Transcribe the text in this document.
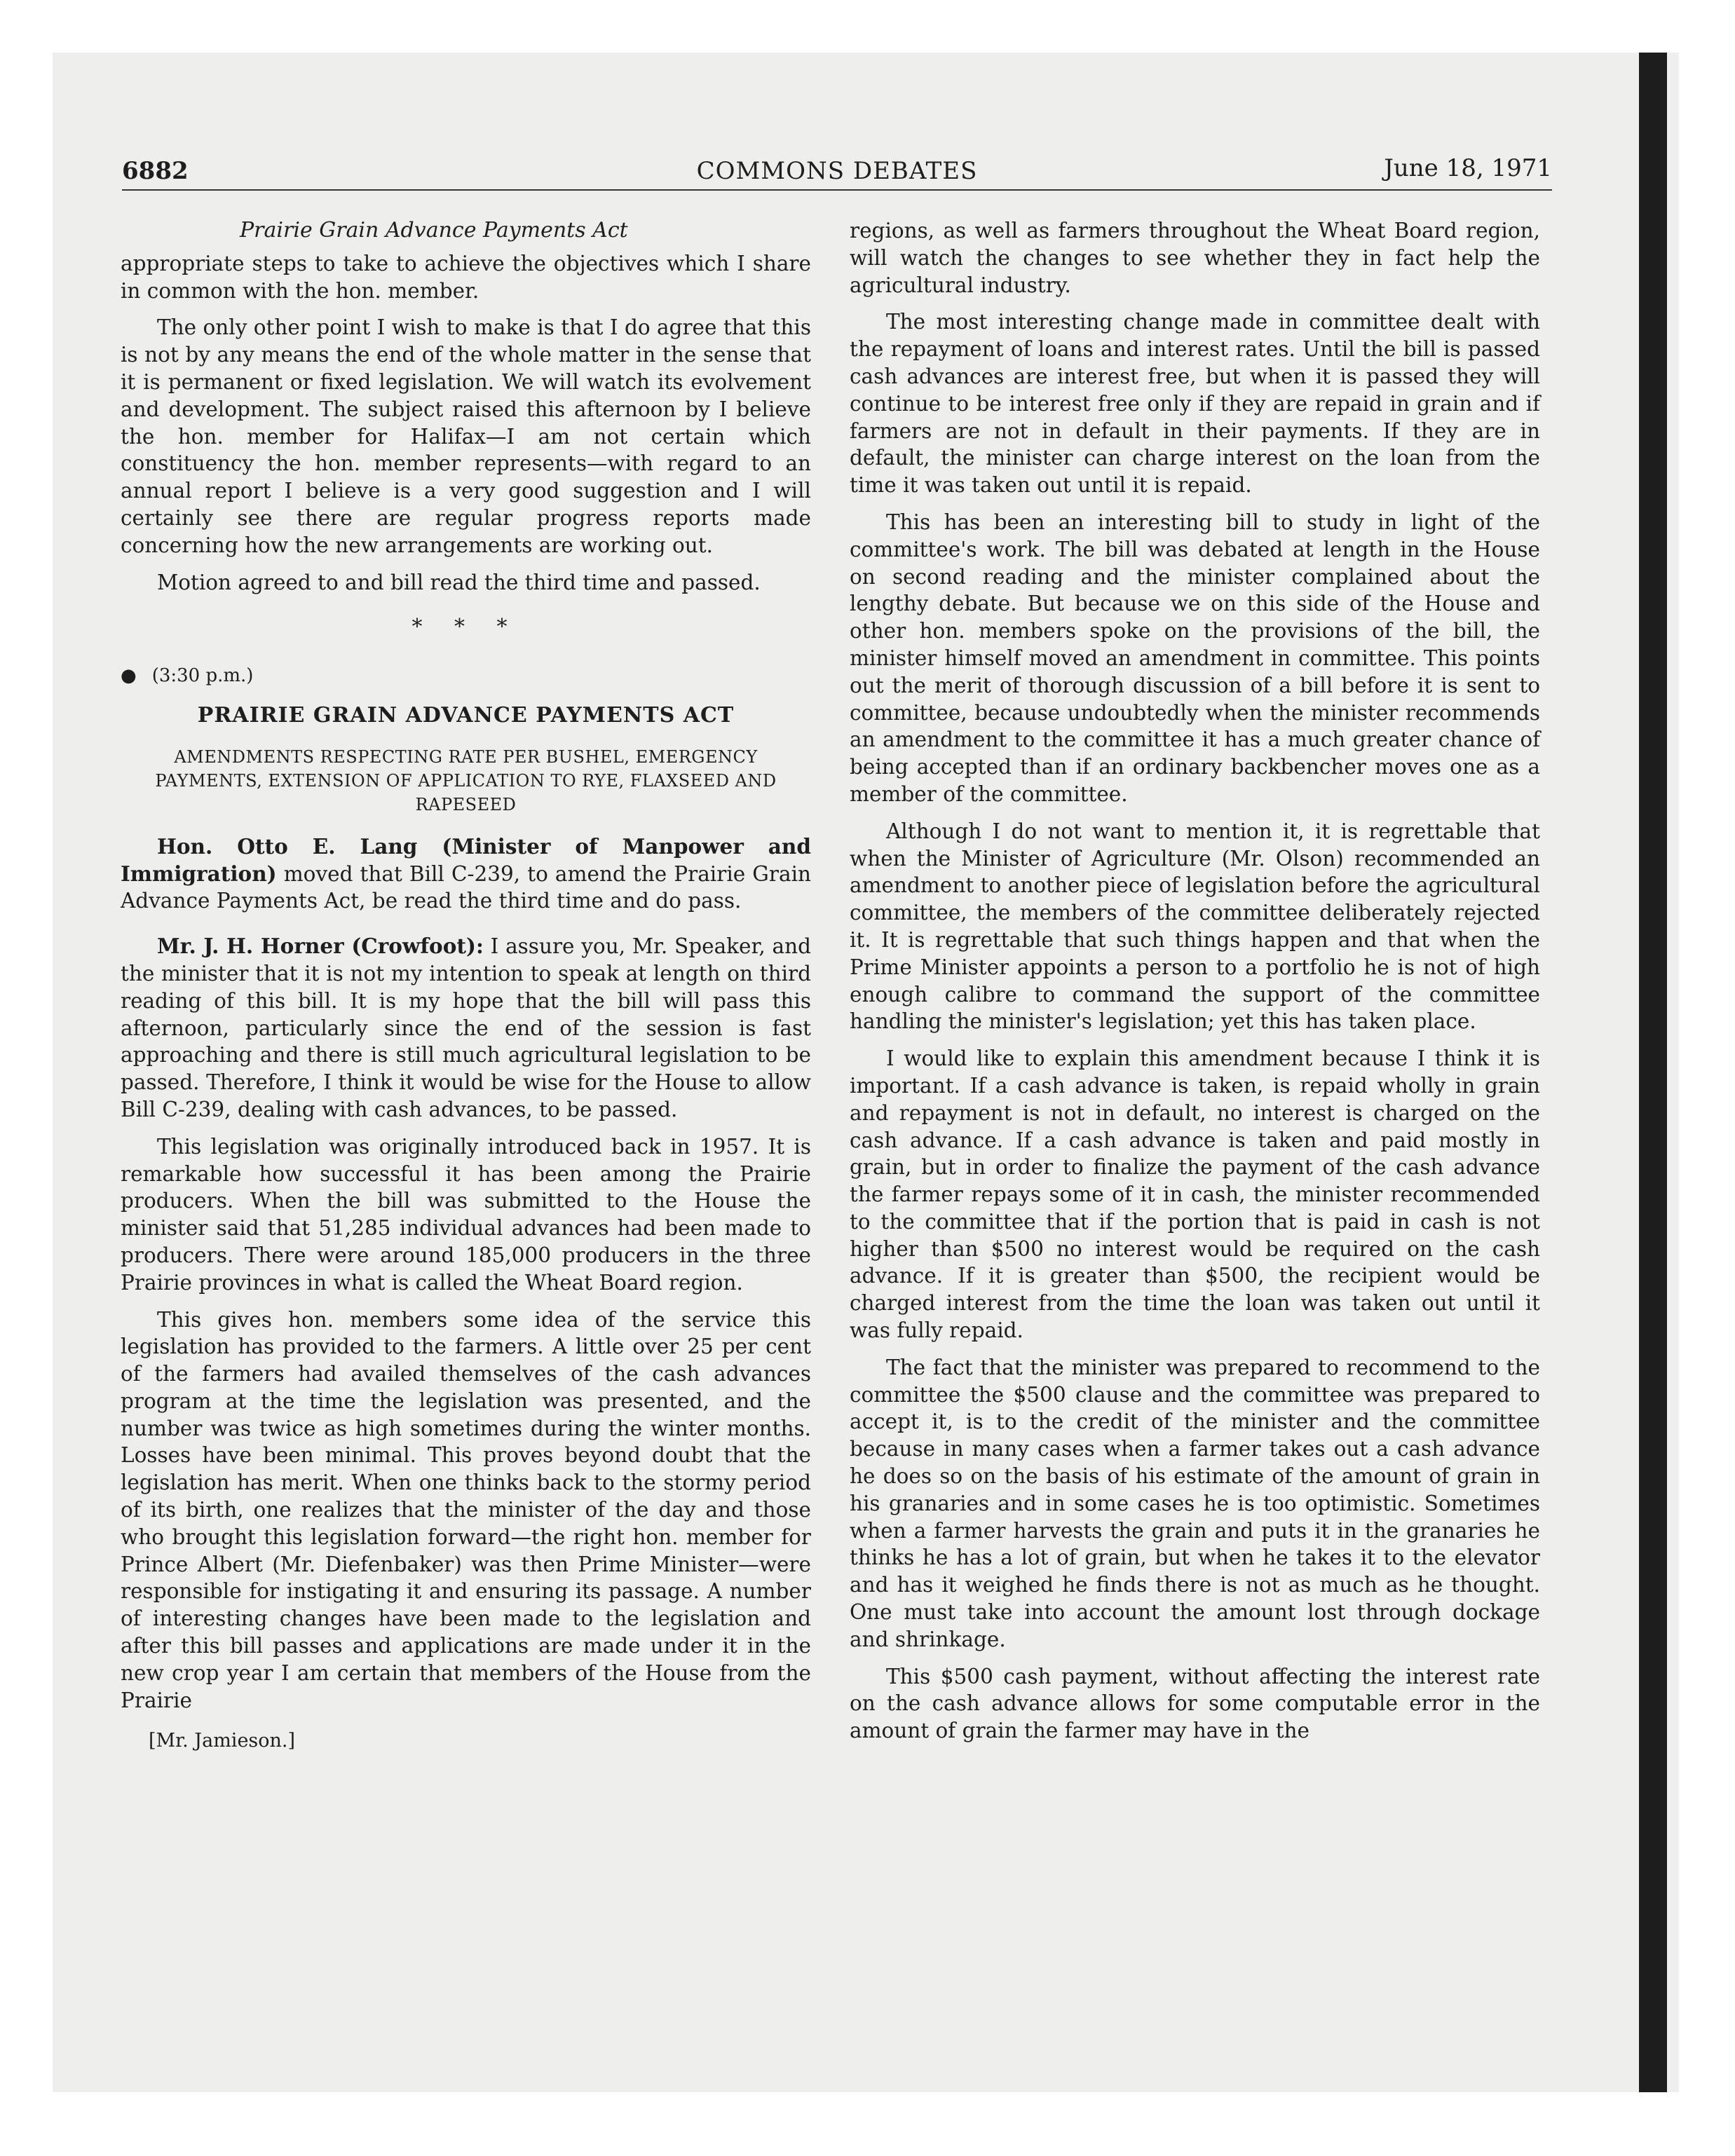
6882	COMMONS DEBATES	June 18, 1971
Prairie Grain Advance Payments Act

appropriate steps to take to achieve the objectives which I share in common with the hon. member.

The only other point I wish to make is that I do agree that this is not by any means the end of the whole matter in the sense that it is permanent or fixed legislation. We will watch its evolvement and development. The subject raised this afternoon by I believe the hon. member for Halifax—I am not certain which constituency the hon. member represents—with regard to an annual report I believe is a very good suggestion and I will certainly see there are regular progress reports made concerning how the new arrangements are working out.

Motion agreed to and bill read the third time and passed.

* * *
● (3:30 p.m.)
PRAIRIE GRAIN ADVANCE PAYMENTS ACT
AMENDMENTS RESPECTING RATE PER BUSHEL, EMERGENCY PAYMENTS, EXTENSION OF APPLICATION TO RYE, FLAXSEED AND RAPESEED

Hon. Otto E. Lang (Minister of Manpower and Immigration) moved that Bill C-239, to amend the Prairie Grain Advance Payments Act, be read the third time and do pass.

Mr. J. H. Horner (Crowfoot): I assure you, Mr. Speaker, and the minister that it is not my intention to speak at length on third reading of this bill. It is my hope that the bill will pass this afternoon, particularly since the end of the session is fast approaching and there is still much agricultural legislation to be passed. Therefore, I think it would be wise for the House to allow Bill C-239, dealing with cash advances, to be passed.

This legislation was originally introduced back in 1957. It is remarkable how successful it has been among the Prairie producers. When the bill was submitted to the House the minister said that 51,285 individual advances had been made to producers. There were around 185,000 producers in the three Prairie provinces in what is called the Wheat Board region.

This gives hon. members some idea of the service this legislation has provided to the farmers. A little over 25 per cent of the farmers had availed themselves of the cash advances program at the time the legislation was presented, and the number was twice as high sometimes during the winter months. Losses have been minimal. This proves beyond doubt that the legislation has merit. When one thinks back to the stormy period of its birth, one realizes that the minister of the day and those who brought this legislation forward—the right hon. member for Prince Albert (Mr. Diefenbaker) was then Prime Minister—were responsible for instigating it and ensuring its passage. A number of interesting changes have been made to the legislation and after this bill passes and applications are made under it in the new crop year I am certain that members of the House from the Prairie

[Mr. Jamieson.]

regions, as well as farmers throughout the Wheat Board region, will watch the changes to see whether they in fact help the agricultural industry.

The most interesting change made in committee dealt with the repayment of loans and interest rates. Until the bill is passed cash advances are interest free, but when it is passed they will continue to be interest free only if they are repaid in grain and if farmers are not in default in their payments. If they are in default, the minister can charge interest on the loan from the time it was taken out until it is repaid.

This has been an interesting bill to study in light of the committee's work. The bill was debated at length in the House on second reading and the minister complained about the lengthy debate. But because we on this side of the House and other hon. members spoke on the provisions of the bill, the minister himself moved an amendment in committee. This points out the merit of thorough discussion of a bill before it is sent to committee, because undoubtedly when the minister recommends an amendment to the committee it has a much greater chance of being accepted than if an ordinary backbencher moves one as a member of the committee.

Although I do not want to mention it, it is regrettable that when the Minister of Agriculture (Mr. Olson) recommended an amendment to another piece of legislation before the agricultural committee, the members of the committee deliberately rejected it. It is regrettable that such things happen and that when the Prime Minister appoints a person to a portfolio he is not of high enough calibre to command the support of the committee handling the minister's legislation; yet this has taken place.

I would like to explain this amendment because I think it is important. If a cash advance is taken, is repaid wholly in grain and repayment is not in default, no interest is charged on the cash advance. If a cash advance is taken and paid mostly in grain, but in order to finalize the payment of the cash advance the farmer repays some of it in cash, the minister recommended to the committee that if the portion that is paid in cash is not higher than $500 no interest would be required on the cash advance. If it is greater than $500, the recipient would be charged interest from the time the loan was taken out until it was fully repaid.

The fact that the minister was prepared to recommend to the committee the $500 clause and the committee was prepared to accept it, is to the credit of the minister and the committee because in many cases when a farmer takes out a cash advance he does so on the basis of his estimate of the amount of grain in his granaries and in some cases he is too optimistic. Sometimes when a farmer harvests the grain and puts it in the granaries he thinks he has a lot of grain, but when he takes it to the elevator and has it weighed he finds there is not as much as he thought. One must take into account the amount lost through dockage and shrinkage.

This $500 cash payment, without affecting the interest rate on the cash advance allows for some computable error in the amount of grain the farmer may have in the
